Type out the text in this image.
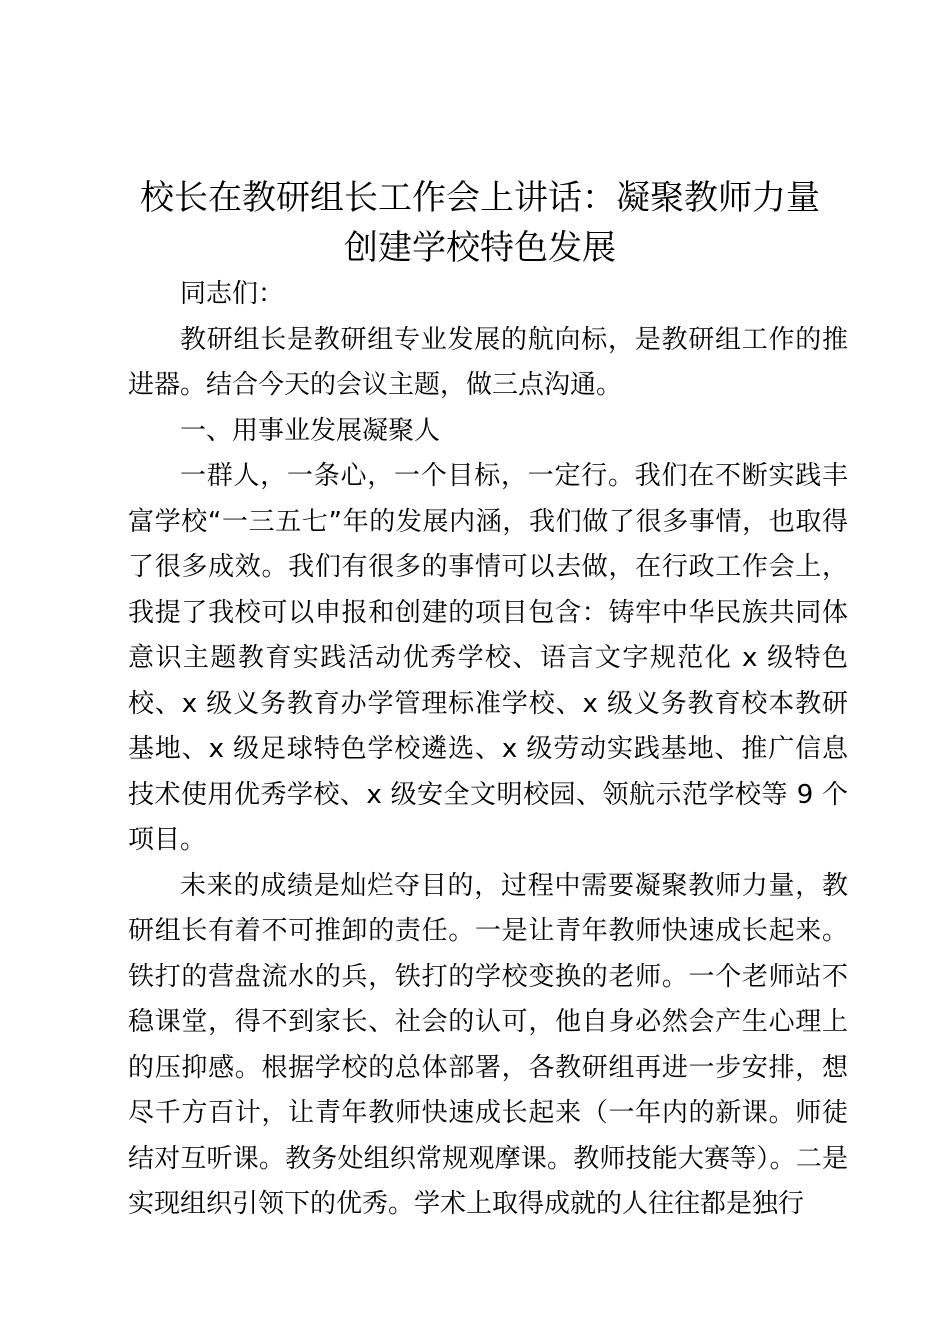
校长在教研组长工作会上讲话：凝聚教师力量
创建学校特色发展

同志们：

教研组长是教研组专业发展的航向标，是教研组工作的推进器。结合今天的会议主题，做三点沟通。

一、用事业发展凝聚人

一群人，一条心，一个目标，一定行。我们在不断实践丰富学校“一三五七”年的发展内涵，我们做了很多事情，也取得了很多成效。我们有很多的事情可以去做，在行政工作会上，我提了我校可以申报和创建的项目包含：铸牢中华民族共同体意识主题教育实践活动优秀学校、语言文字规范化 x 级特色校、x 级义务教育办学管理标准学校、x 级义务教育校本教研基地、x 级足球特色学校遴选、x 级劳动实践基地、推广信息技术使用优秀学校、x 级安全文明校园、领航示范学校等 9 个项目。

未来的成绩是灿烂夺目的，过程中需要凝聚教师力量，教研组长有着不可推卸的责任。一是让青年教师快速成长起来。铁打的营盘流水的兵，铁打的学校变换的老师。一个老师站不稳课堂，得不到家长、社会的认可，他自身必然会产生心理上的压抑感。根据学校的总体部署，各教研组再进一步安排，想尽千方百计，让青年教师快速成长起来（一年内的新课。师徒结对互听课。教务处组织常规观摩课。教师技能大赛等）。二是实现组织引领下的优秀。学术上取得成就的人往往都是独行
